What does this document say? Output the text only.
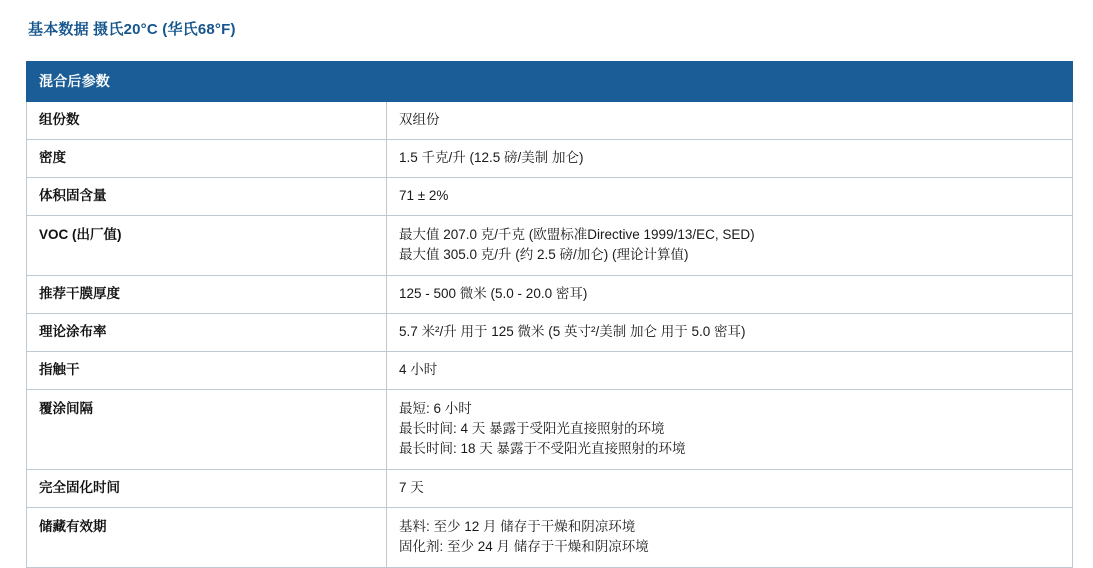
基本数据 摄氏20°C (华氏68°F)
混合后参数	
组份数	双组份

密度	1.5 千克/升 (12.5 磅/美制 加仑)

体积固含量	71 ± 2%

VOC (出厂值)	最大值 207.0 克/千克 (欧盟标准Directive 1999/13/EC, SED)
最大值 305.0 克/升 (约 2.5 磅/加仑) (理论计算值)

推荐干膜厚度	125 - 500 微米 (5.0 - 20.0 密耳)

理论涂布率	5.7 米²/升 用于 125 微米 (5 英寸²/美制 加仑 用于 5.0 密耳)

指触干	4 小时

覆涂间隔	最短: 6 小时
最长时间: 4 天 暴露于受阳光直接照射的环境
最长时间: 18 天 暴露于不受阳光直接照射的环境

完全固化时间	7 天

储藏有效期	基料: 至少 12 月 储存于干燥和阴凉环境
固化剂: 至少 24 月 储存于干燥和阴凉环境
